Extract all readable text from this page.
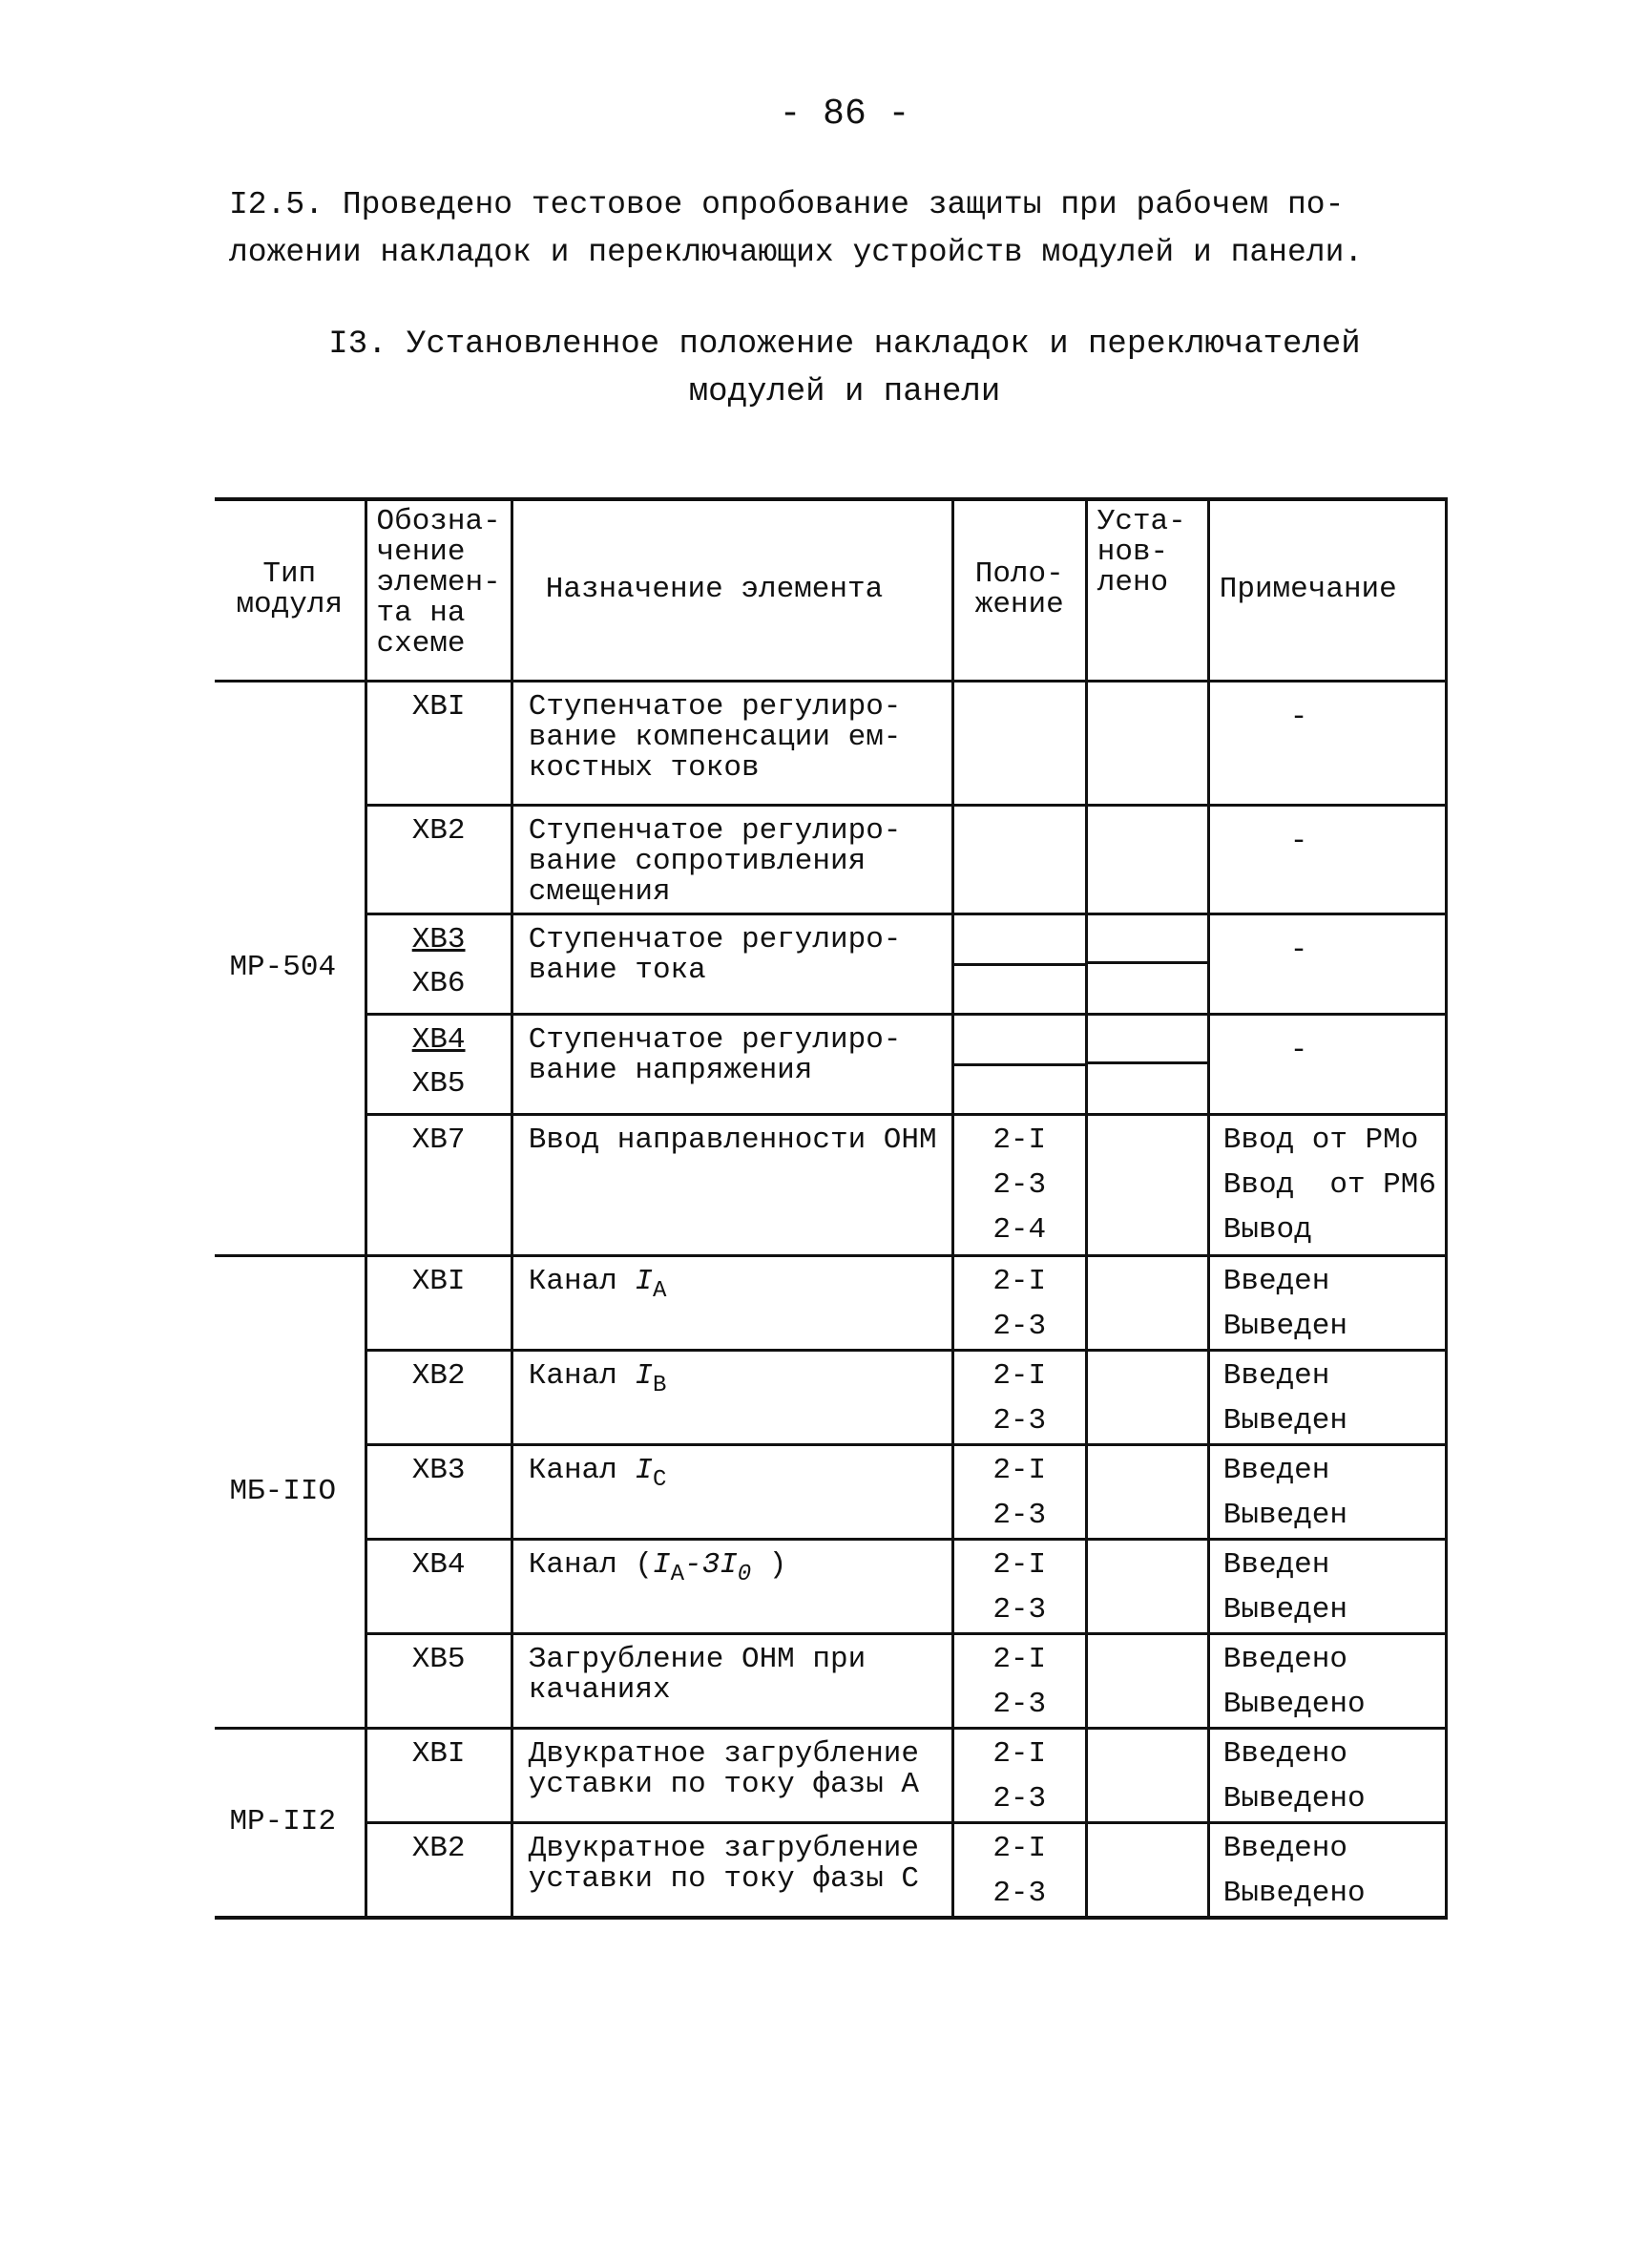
- 86 -
I2.5. Проведено тестовое опробование защиты при рабочем по-
ложении накладок и переключающих устройств модулей и панели.
I3. Установленное положение накладок и переключателей
модулей и панели
Тип модуля	Обозна- чение элемен- та на схеме	Назначение элемента	Поло- жение	Уста- нов- лено	Примечание
MP-504	XBI	Ступенчатое регулиро- вание компенсации ем- костных токов			-

	XB2	Ступенчатое регулиро- вание сопротивления смещения			-

	XB3
XB6	Ступенчатое регулиро- вание тока			-

	XB4
XB5	Ступенчатое регулиро- вание напряжения			-

	XB7	Ввод направленности ОНМ	2-I
2-3
2-4		Ввод от PMo
Ввод  от PM6
Вывод

МБ-IIO	XBI	Канал $I_A$	2-I
2-3		Введен
Выведен

	XB2	Канал $I_B$	2-I
2-3		Введен
Выведен

	XB3	Канал $I_C$	2-I
2-3		Введен
Выведен

	XB4	Канал ($I_A-3I_0$ )	2-I
2-3		Введен
Выведен

	XB5	Загрубление ОНМ при качаниях	2-I
2-3		Введено
Выведено

MP-II2	XBI	Двукратное загрубление уставки по току фазы А	2-I
2-3		Введено
Выведено

	XB2	Двукратное загрубление уставки по току фазы С	2-I
2-3		Введено
Выведено
